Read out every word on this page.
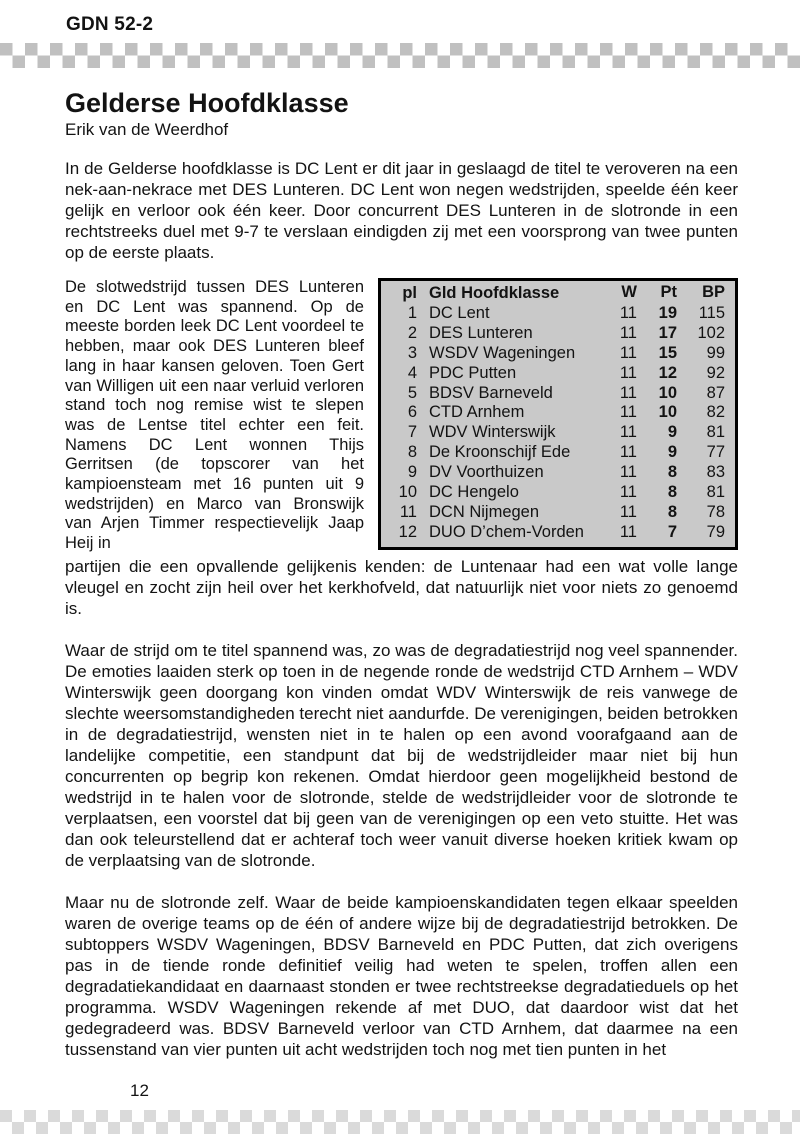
GDN 52-2
Gelderse Hoofdklasse
Erik van de Weerdhof

In de Gelderse hoofdklasse is DC Lent er dit jaar in geslaagd de titel te veroveren na een nek-aan-nekrace met DES Lunteren. DC Lent won negen wedstrijden, speelde één keer gelijk en verloor ook één keer. Door concurrent DES Lunteren in de slotronde in een rechtstreeks duel met 9-7 te verslaan eindigden zij met een voorsprong van twee punten op de eerste plaats.

De slotwedstrijd tussen DES Lunteren en DC Lent was spannend. Op de meeste borden leek DC Lent voordeel te hebben, maar ook DES Lunteren bleef lang in haar kansen geloven. Toen Gert van Willigen uit een naar verluid verloren stand toch nog remise wist te slepen was de Lentse titel echter een feit. Namens DC Lent wonnen Thijs Gerritsen (de topscorer van het kampioensteam met 16 punten uit 9 wedstrijden) en Marco van Bronswijk van Arjen Timmer respectievelijk Jaap Heij in
pl	Gld Hoofdklasse	W	Pt	BP
1	DC Lent	11	19	115
2	DES Lunteren	11	17	102
3	WSDV Wageningen	11	15	99
4	PDC Putten	11	12	92
5	BDSV Barneveld	11	10	87
6	CTD Arnhem	11	10	82
7	WDV Winterswijk	11	9	81
8	De Kroonschijf Ede	11	9	77
9	DV Voorthuizen	11	8	83
10	DC Hengelo	11	8	81
11	DCN Nijmegen	11	8	78
12	DUO D’chem-Vorden	11	7	79

partijen die een opvallende gelijkenis kenden: de Luntenaar had een wat volle lange vleugel en zocht zijn heil over het kerkhofveld, dat natuurlijk niet voor niets zo genoemd is.

Waar de strijd om te titel spannend was, zo was de degradatiestrijd nog veel spannender. De emoties laaiden sterk op toen in de negende ronde de wedstrijd CTD Arnhem – WDV Winterswijk geen doorgang kon vinden omdat WDV Winterswijk de reis vanwege de slechte weersomstandigheden terecht niet aandurfde. De verenigingen, beiden betrokken in de degradatiestrijd, wensten niet in te halen op een avond voorafgaand aan de landelijke competitie, een standpunt dat bij de wedstrijdleider maar niet bij hun concurrenten op begrip kon rekenen. Omdat hierdoor geen mogelijkheid bestond de wedstrijd in te halen voor de slotronde, stelde de wedstrijdleider voor de slotronde te verplaatsen, een voorstel dat bij geen van de verenigingen op een veto stuitte. Het was dan ook teleurstellend dat er achteraf toch weer vanuit diverse hoeken kritiek kwam op de verplaatsing van de slotronde.

Maar nu de slotronde zelf. Waar de beide kampioenskandidaten tegen elkaar speelden waren de overige teams op de één of andere wijze bij de degradatiestrijd betrokken. De subtoppers WSDV Wageningen, BDSV Barneveld en PDC Putten, dat zich overigens pas in de tiende ronde definitief veilig had weten te spelen, troffen allen een degradatiekandidaat en daarnaast stonden er twee rechtstreekse degradatieduels op het programma. WSDV Wageningen rekende af met DUO, dat daardoor wist dat het gedegradeerd was. BDSV Barneveld verloor van CTD Arnhem, dat daarmee na een tussenstand van vier punten uit acht wedstrijden toch nog met tien punten in het

12
